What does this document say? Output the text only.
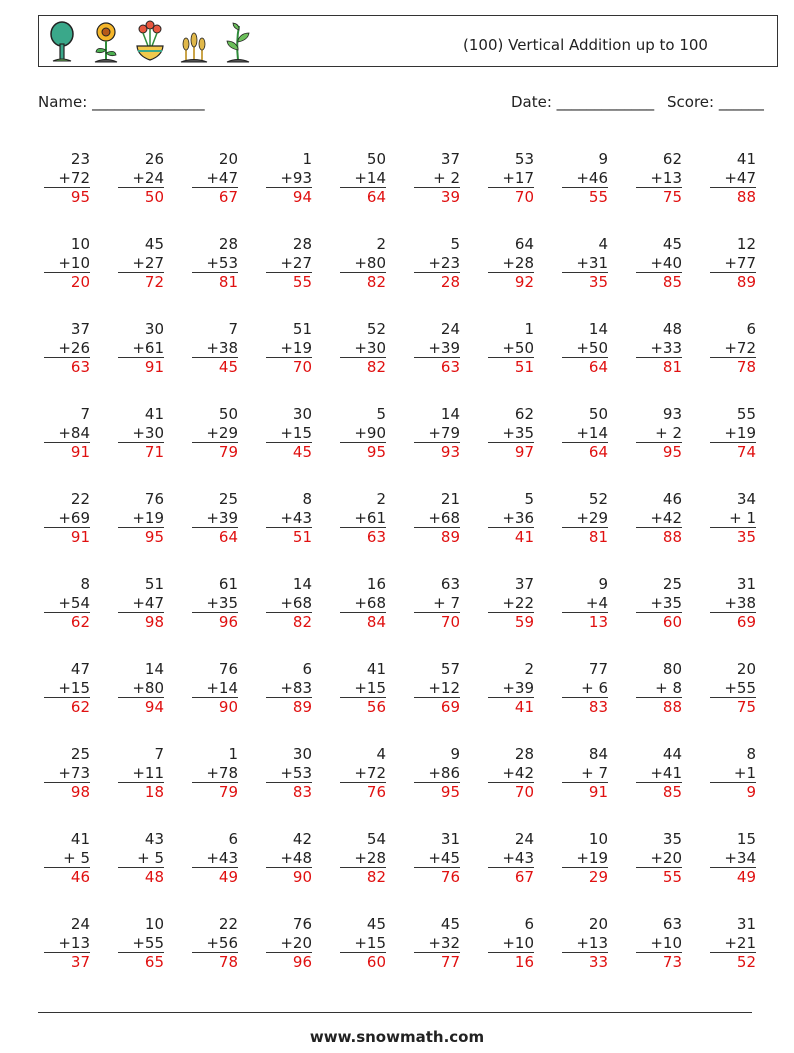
(100) Vertical Addition up to 100
Name: _______________	Date: _____________ Score: ______
23
+72
95
26
+24
50
20
+47
67
1
+93
94
50
+14
64
37
+ 2
39
53
+17
70
9
+46
55
62
+13
75
41
+47
88
10
+10
20
45
+27
72
28
+53
81
28
+27
55
2
+80
82
5
+23
28
64
+28
92
4
+31
35
45
+40
85
12
+77
89
37
+26
63
30
+61
91
7
+38
45
51
+19
70
52
+30
82
24
+39
63
1
+50
51
14
+50
64
48
+33
81
6
+72
78
7
+84
91
41
+30
71
50
+29
79
30
+15
45
5
+90
95
14
+79
93
62
+35
97
50
+14
64
93
+ 2
95
55
+19
74
22
+69
91
76
+19
95
25
+39
64
8
+43
51
2
+61
63
21
+68
89
5
+36
41
52
+29
81
46
+42
88
34
+ 1
35
8
+54
62
51
+47
98
61
+35
96
14
+68
82
16
+68
84
63
+ 7
70
37
+22
59
9
+4
13
25
+35
60
31
+38
69
47
+15
62
14
+80
94
76
+14
90
6
+83
89
41
+15
56
57
+12
69
2
+39
41
77
+ 6
83
80
+ 8
88
20
+55
75
25
+73
98
7
+11
18
1
+78
79
30
+53
83
4
+72
76
9
+86
95
28
+42
70
84
+ 7
91
44
+41
85
8
+1
9
41
+ 5
46
43
+ 5
48
6
+43
49
42
+48
90
54
+28
82
31
+45
76
24
+43
67
10
+19
29
35
+20
55
15
+34
49
24
+13
37
10
+55
65
22
+56
78
76
+20
96
45
+15
60
45
+32
77
6
+10
16
20
+13
33
63
+10
73
31
+21
52
www.snowmath.com
